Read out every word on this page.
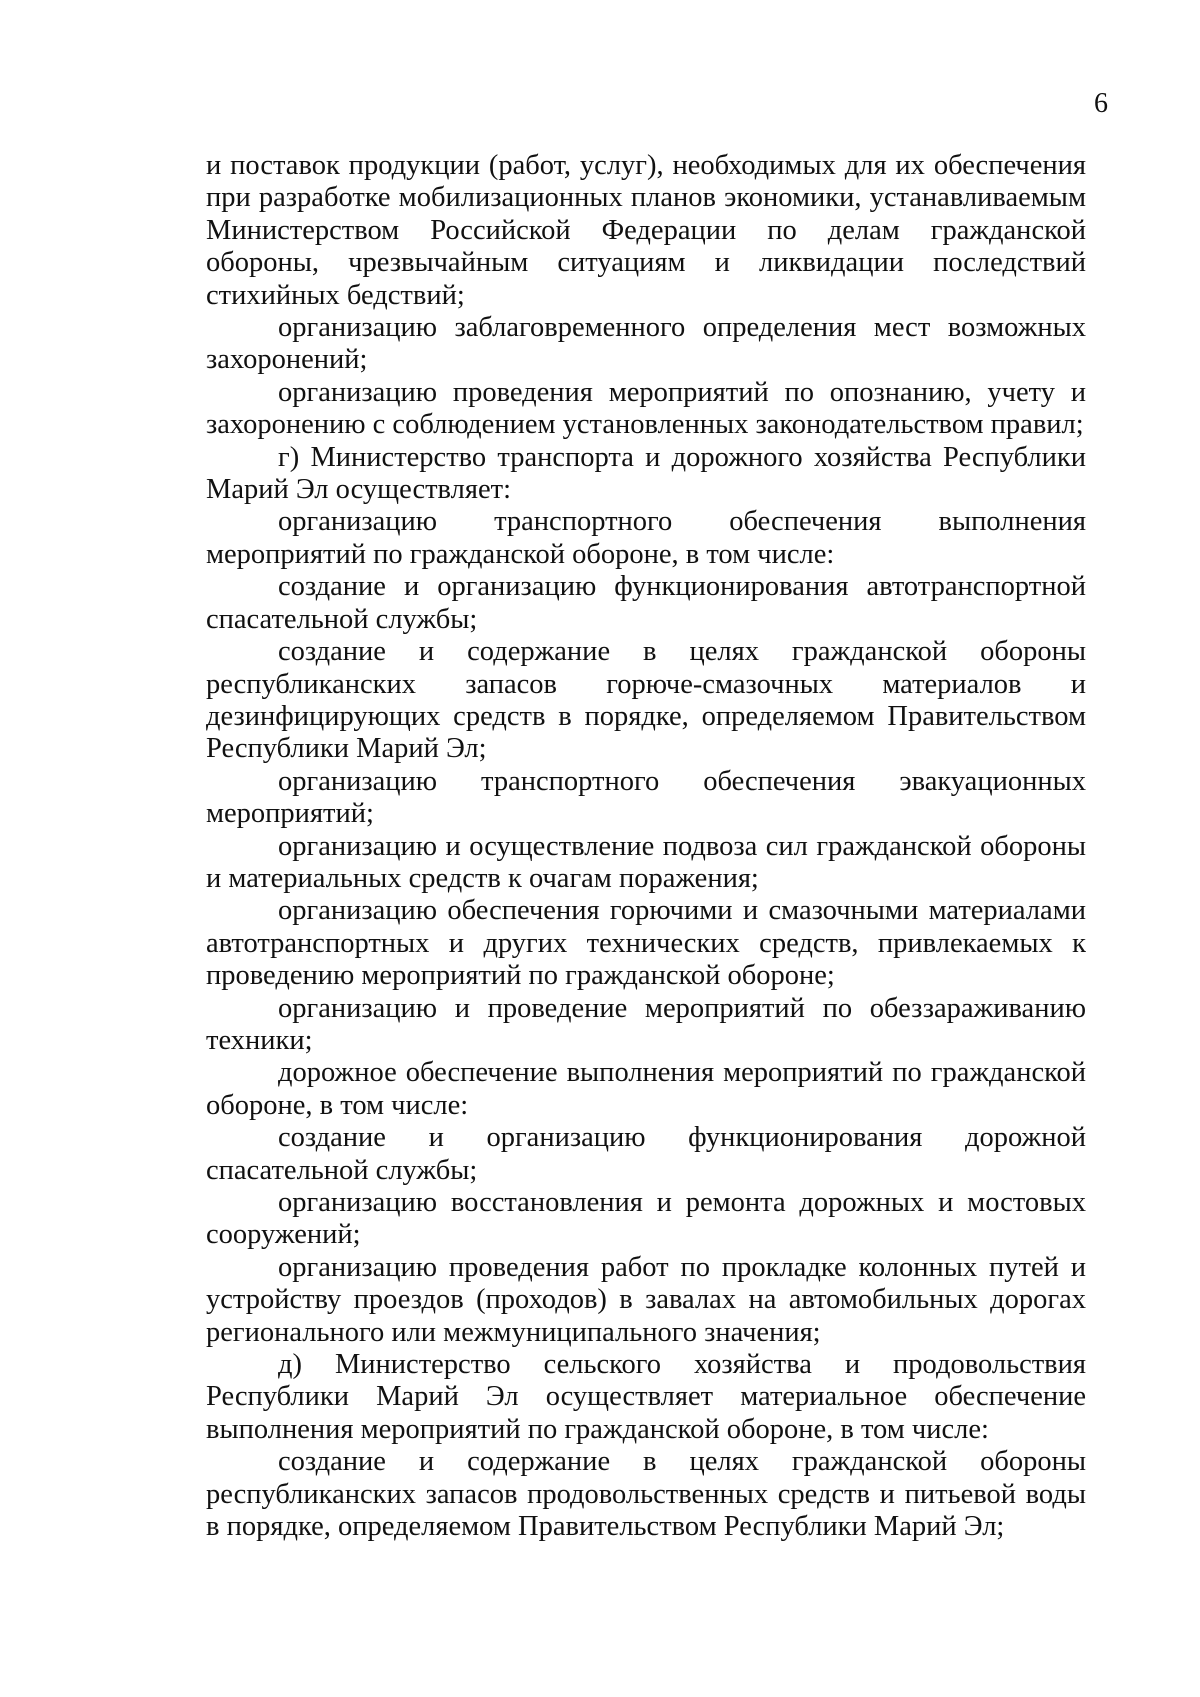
6

и поставок продукции (работ, услуг), необходимых для их обеспечения при разработке мобилизационных планов экономики, устанавливаемым Министерством Российской Федерации по делам гражданской обороны, чрезвычайным ситуациям и ликвидации последствий стихийных бедствий;

организацию заблаговременного определения мест возможных захоронений;

организацию проведения мероприятий по опознанию, учету и захоронению с соблюдением установленных законодательством правил;

г) Министерство транспорта и дорожного хозяйства Республики Марий Эл осуществляет:

организацию транспортного обеспечения выполнения мероприятий по гражданской обороне, в том числе:

создание и организацию функционирования автотранспортной спасательной службы;

создание и содержание в целях гражданской обороны республиканских запасов горюче-смазочных материалов и дезинфицирующих средств в порядке, определяемом Правительством Республики Марий Эл;

организацию транспортного обеспечения эвакуационных мероприятий;

организацию и осуществление подвоза сил гражданской обороны и материальных средств к очагам поражения;

организацию обеспечения горючими и смазочными материалами автотранспортных и других технических средств, привлекаемых к проведению мероприятий по гражданской обороне;

организацию и проведение мероприятий по обеззараживанию техники;

дорожное обеспечение выполнения мероприятий по гражданской обороне, в том числе:

создание и организацию функционирования дорожной спасательной службы;

организацию восстановления и ремонта дорожных и мостовых сооружений;

организацию проведения работ по прокладке колонных путей и устройству проездов (проходов) в завалах на автомобильных дорогах регионального или межмуниципального значения;

д) Министерство сельского хозяйства и продовольствия Республики Марий Эл осуществляет материальное обеспечение выполнения мероприятий по гражданской обороне, в том числе:

создание и содержание в целях гражданской обороны республиканских запасов продовольственных средств и питьевой воды в порядке, определяемом Правительством Республики Марий Эл;
